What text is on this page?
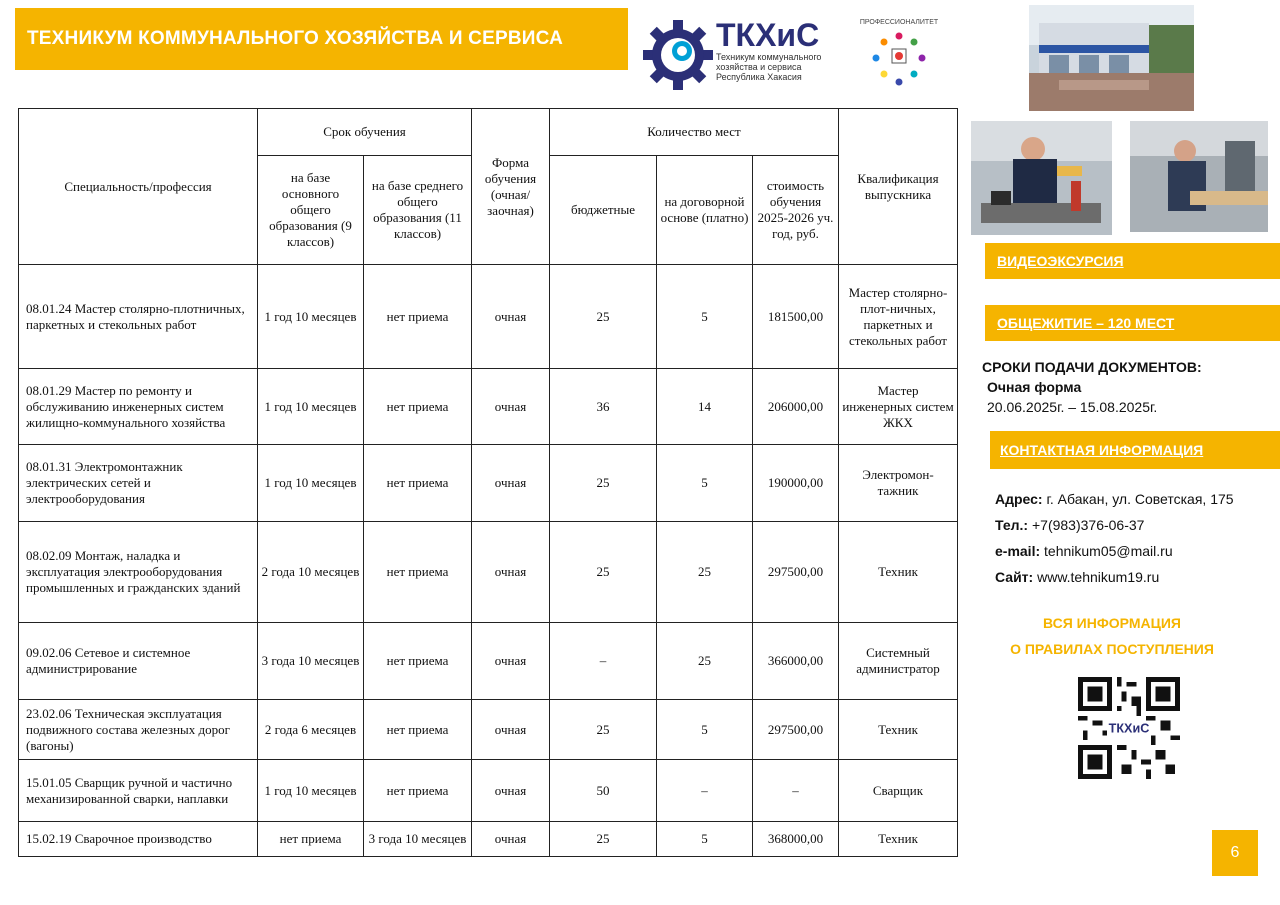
ТЕХНИКУМ КОММУНАЛЬНОГО ХОЗЯЙСТВА И СЕРВИСА	ТКХиС
Техникум коммунального хозяйства и сервиса Республика Хакасия
ПРОФЕССИОНАЛИТЕТ
Специальность/профессия	Срок обучения		Форма обучения (очная/ заочная)	Количество мест			Квалификация выпускника
	на базе основного общего образования (9 классов)	на базе среднего общего образования (11 классов)		бюджетные	на договорной основе (платно)	стоимость обучения 2025-2026 уч. год, руб.	
08.01.24 Мастер столярно-плотничных, паркетных и стекольных работ	1 год 10 месяцев	нет приема	очная	25	5	181500,00	Мастер столярно-плот-ничных, паркетных и стекольных работ
08.01.29 Мастер по ремонту и обслуживанию инженерных систем жилищно-коммунального хозяйства	1 год 10 месяцев	нет приема	очная	36	14	206000,00	Мастер инженерных систем ЖКХ
08.01.31 Электромонтажник электрических сетей и электрооборудования	1 год 10 месяцев	нет приема	очная	25	5	190000,00	Электромон-тажник
08.02.09 Монтаж, наладка и эксплуатация электрооборудования промышленных и гражданских зданий	2 года 10 месяцев	нет приема	очная	25	25	297500,00	Техник
09.02.06 Сетевое и системное администрирование	3 года 10 месяцев	нет приема	очная	–	25	366000,00	Системный администратор
23.02.06 Техническая эксплуатация подвижного состава железных дорог (вагоны)	2 года 6 месяцев	нет приема	очная	25	5	297500,00	Техник
15.01.05 Сварщик ручной и частично механизированной сварки, наплавки	1 год 10 месяцев	нет приема	очная	50	–	–	Сварщик
15.02.19 Сварочное производство	нет приема	3 года 10 месяцев	очная	25	5	368000,00	Техник
ВИДЕОЭКСУРСИЯ
ОБЩЕЖИТИЕ – 120 МЕСТ
СРОКИ ПОДАЧИ ДОКУМЕНТОВ:
Очная форма
20.06.2025г. – 15.08.2025г.
КОНТАКТНАЯ ИНФОРМАЦИЯ
Адрес: г. Абакан, ул. Советская, 175
Тел.: +7(983)376-06-37
e-mail: tehnikum05@mail.ru
Сайт: www.tehnikum19.ru
ВСЯ ИНФОРМАЦИЯ
О ПРАВИЛАХ ПОСТУПЛЕНИЯ
ТКХиС
6
